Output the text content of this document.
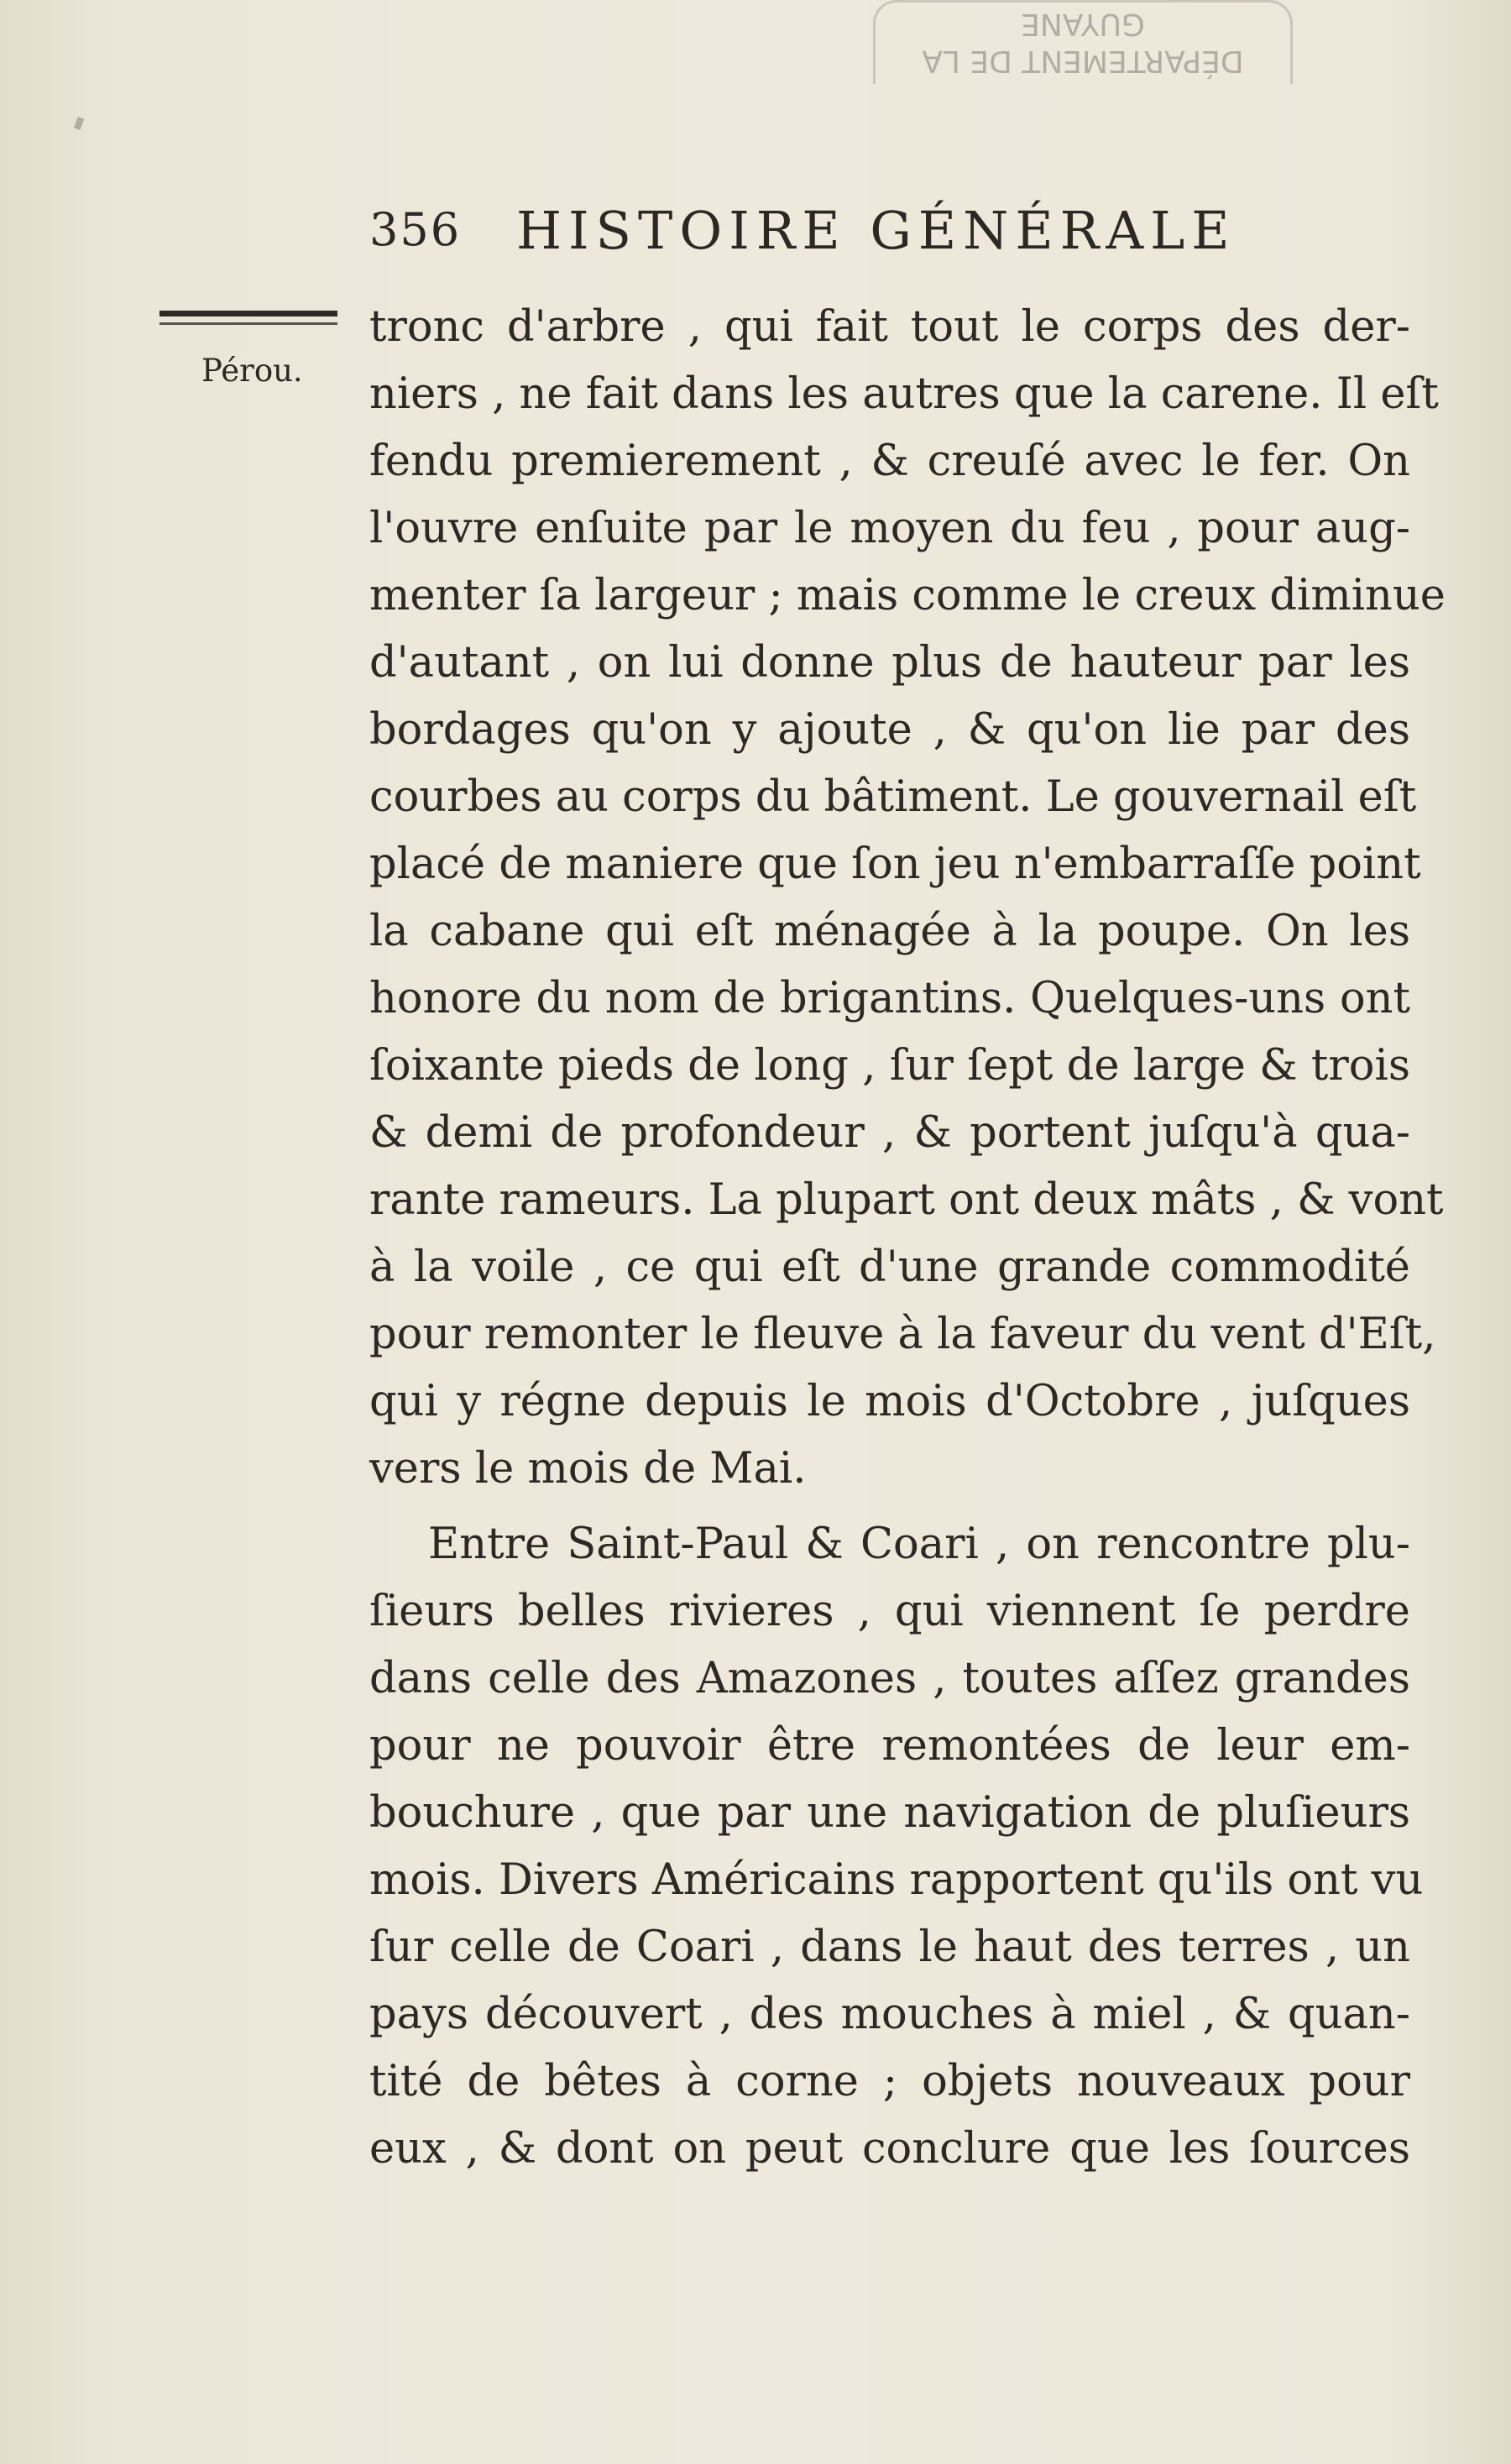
DÉPARTEMENT DE LA
GUYANE
356 HISTOIRE GÉNÉRALE
Pérou.
tronc d'arbre , qui fait tout le corps des der-
niers , ne fait dans les autres que la carene. Il eſt
fendu premierement , & creuſé avec le fer. On
l'ouvre enſuite par le moyen du feu , pour aug-
menter ſa largeur ; mais comme le creux diminue
d'autant , on lui donne plus de hauteur par les
bordages qu'on y ajoute , & qu'on lie par des
courbes au corps du bâtiment. Le gouvernail eſt
placé de maniere que ſon jeu n'embarraſſe point
la cabane qui eſt ménagée à la poupe. On les
honore du nom de brigantins. Quelques-uns ont
ſoixante pieds de long , ſur ſept de large & trois
& demi de profondeur , & portent juſqu'à qua-
rante rameurs. La plupart ont deux mâts , & vont
à la voile , ce qui eſt d'une grande commodité
pour remonter le fleuve à la faveur du vent d'Eſt,
qui y régne depuis le mois d'Octobre , juſques
vers le mois de Mai.
Entre Saint-Paul & Coari , on rencontre plu-
ſieurs belles rivieres , qui viennent ſe perdre
dans celle des Amazones , toutes aſſez grandes
pour ne pouvoir être remontées de leur em-
bouchure , que par une navigation de pluſieurs
mois. Divers Américains rapportent qu'ils ont vu
ſur celle de Coari , dans le haut des terres , un
pays découvert , des mouches à miel , & quan-
tité de bêtes à corne ; objets nouveaux pour
eux , & dont on peut conclure que les ſources
